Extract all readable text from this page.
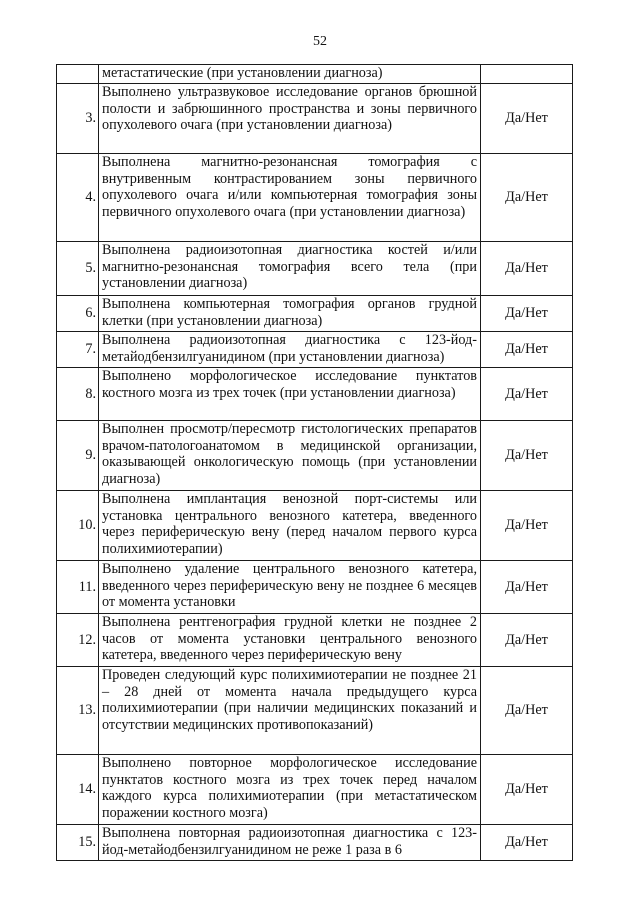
52
	метастатические (при установлении диагноза)	
3.	Выполнено ультразвуковое исследование органов брюшной полости и забрюшинного пространства и зоны первичного опухолевого очага (при установлении диагноза)	Да/Нет
4.	Выполнена магнитно-резонансная томография с внутривенным контрастированием зоны первичного опухолевого очага и/или компьютерная томография зоны первичного опухолевого очага (при установлении диагноза)	Да/Нет
5.	Выполнена радиоизотопная диагностика костей и/или магнитно-резонансная томография всего тела (при установлении диагноза)	Да/Нет
6.	Выполнена компьютерная томография органов грудной клетки (при установлении диагноза)	Да/Нет
7.	Выполнена радиоизотопная диагностика с 123-йод-метайодбензилгуанидином (при установлении диагноза)	Да/Нет
8.	Выполнено морфологическое исследование пунктатов костного мозга из трех точек (при установлении диагноза)	Да/Нет
9.	Выполнен просмотр/пересмотр гистологических препаратов врачом-патологоанатомом в медицинской организации, оказывающей онкологическую помощь (при установлении диагноза)	Да/Нет
10.	Выполнена имплантация венозной порт-системы или установка центрального венозного катетера, введенного через периферическую вену (перед началом первого курса полихимиотерапии)	Да/Нет
11.	Выполнено удаление центрального венозного катетера, введенного через периферическую вену не позднее 6 месяцев от момента установки	Да/Нет
12.	Выполнена рентгенография грудной клетки не позднее 2 часов от момента установки центрального венозного катетера, введенного через периферическую вену	Да/Нет
13.	Проведен следующий курс полихимиотерапии не позднее 21 – 28 дней от момента начала предыдущего курса полихимиотерапии (при наличии медицинских показаний и отсутствии медицинских противопоказаний)	Да/Нет
14.	Выполнено повторное морфологическое исследование пунктатов костного мозга из трех точек перед началом каждого курса полихимиотерапии (при метастатическом поражении костного мозга)	Да/Нет
15.	Выполнена повторная радиоизотопная диагностика с 123-йод-метайодбензилгуанидином не реже 1 раза в 6	Да/Нет
